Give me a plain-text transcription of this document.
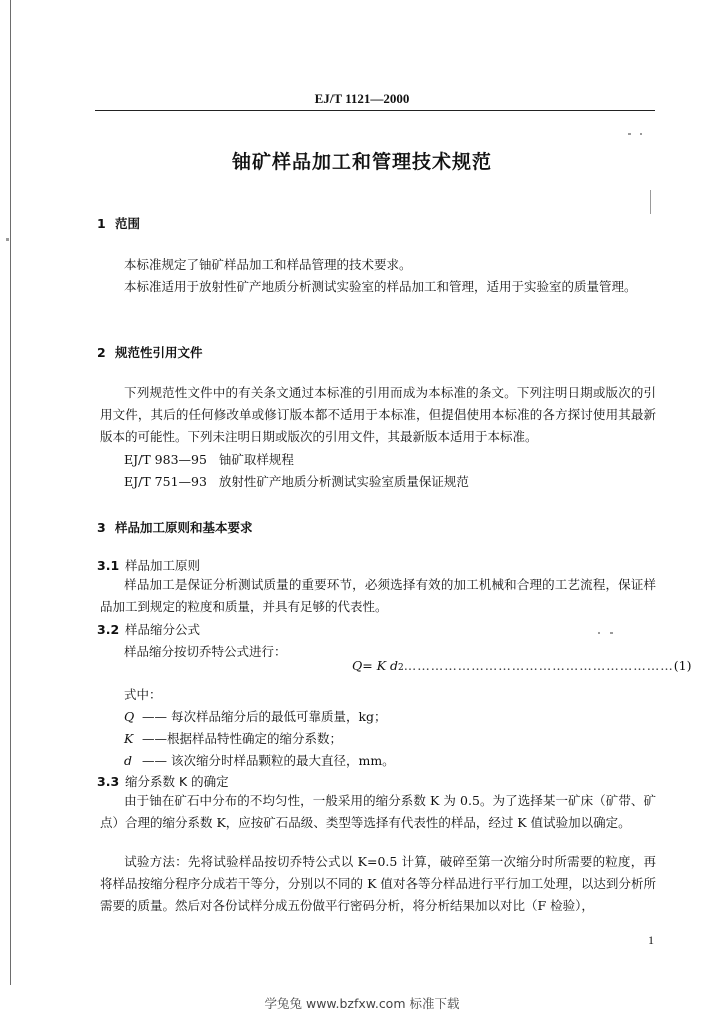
EJ/T 1121—2000
铀矿样品加工和管理技术规范
1 范围
本标准规定了铀矿样品加工和样品管理的技术要求。
本标准适用于放射性矿产地质分析测试实验室的样品加工和管理，适用于实验室的质量管理。
2 规范性引用文件
下列规范性文件中的有关条文通过本标准的引用而成为本标准的条文。下列注明日期或版次的引用文件，其后的任何修改单或修订版本都不适用于本标准，但提倡使用本标准的各方探讨使用其最新版本的可能性。下列未注明日期或版次的引用文件，其最新版本适用于本标准。
EJ/T 983—95 铀矿取样规程
EJ/T 751—93 放射性矿产地质分析测试实验室质量保证规范
3 样品加工原则和基本要求
3.1 样品加工原则
样品加工是保证分析测试质量的重要环节，必须选择有效的加工机械和合理的工艺流程，保证样品加工到规定的粒度和质量，并具有足够的代表性。
3.2 样品缩分公式
样品缩分按切乔特公式进行：
Q= K $d_2$ …………………………………………………… (1)
式中：
Q —— 每次样品缩分后的最低可靠质量，kg；
K ——根据样品特性确定的缩分系数；
d —— 该次缩分时样品颗粒的最大直径，mm。
3.3 缩分系数 K 的确定
由于铀在矿石中分布的不均匀性，一般采用的缩分系数 K 为 0.5。为了选择某一矿床（矿带、矿点）合理的缩分系数 K，应按矿石品级、类型等选择有代表性的样品，经过 K 值试验加以确定。
试验方法：先将试验样品按切乔特公式以 K=0.5 计算，破碎至第一次缩分时所需要的粒度，再将样品按缩分程序分成若干等分，分别以不同的 K 值对各等分样品进行平行加工处理，以达到分析所需要的质量。然后对各份试样分成五份做平行密码分析，将分析结果加以对比（F 检验），
1
学兔兔 www.bzfxw.com 标准下载
